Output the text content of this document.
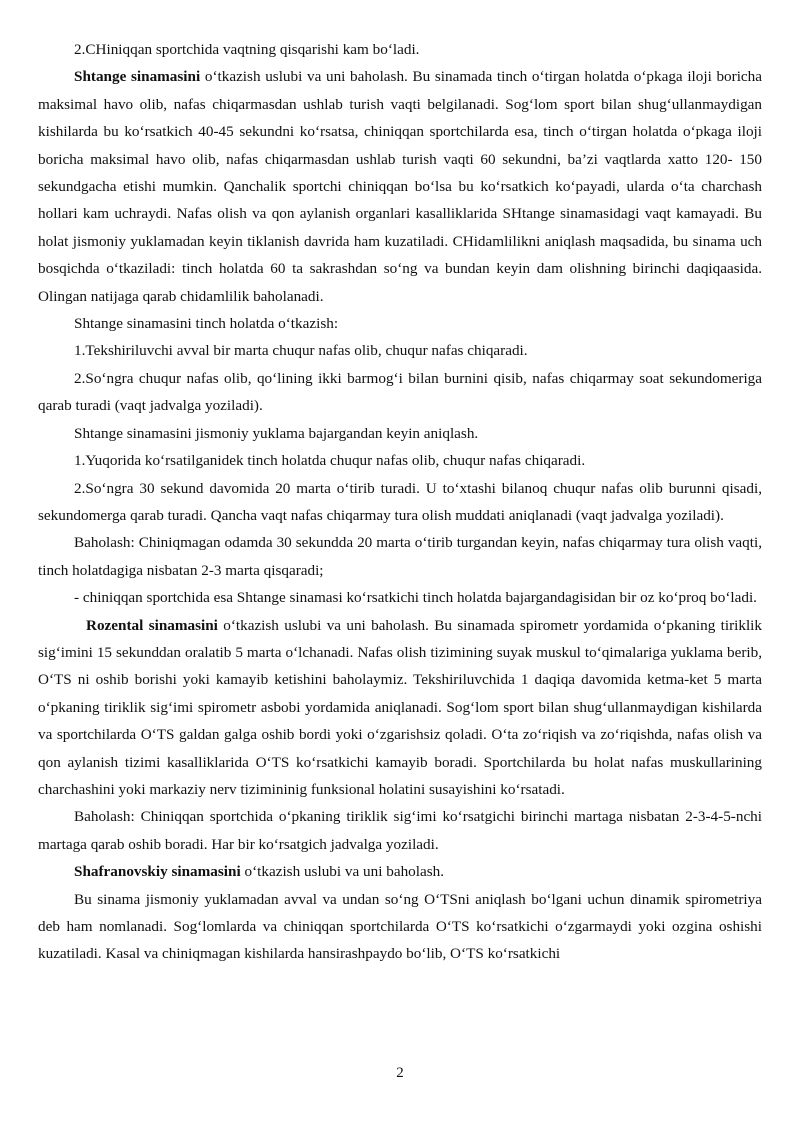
2.CHiniqqan sportchida vaqtning qisqarishi kam bo‘ladi.

Shtange sinamasini o‘tkazish uslubi va uni baholash. Bu sinamada tinch o‘tirgan holatda o‘pkaga iloji boricha maksimal havo olib, nafas chiqarmasdan ushlab turish vaqti belgilanadi. Sog‘lom sport bilan shug‘ullanmaydigan kishilarda bu ko‘rsatkich 40-45 sekundni ko‘rsatsa, chiniqqan sportchilarda esa, tinch o‘tirgan holatda o‘pkaga iloji boricha maksimal havo olib, nafas chiqarmasdan ushlab turish vaqti 60 sekundni, ba’zi vaqtlarda xatto 120- 150 sekundgacha etishi mumkin. Qanchalik sportchi chiniqqan bo‘lsa bu ko‘rsatkich ko‘payadi, ularda o‘ta charchash hollari kam uchraydi. Nafas olish va qon aylanish organlari kasalliklarida SHtange sinamasidagi vaqt kamayadi. Bu holat jismoniy yuklamadan keyin tiklanish davrida ham kuzatiladi. CHidamlilikni aniqlash maqsadida, bu sinama uch bosqichda o‘tkaziladi: tinch holatda 60 ta sakrashdan so‘ng va bundan keyin dam olishning birinchi daqiqaasida. Olingan natijaga qarab chidamlilik baholanadi.

Shtange sinamasini tinch holatda o‘tkazish:

1.Tekshiriluvchi avval bir marta chuqur nafas olib, chuqur nafas chiqaradi.

2.So‘ngra chuqur nafas olib, qo‘lining ikki barmog‘i bilan burnini qisib, nafas chiqarmay soat sekundomeriga qarab turadi (vaqt jadvalga yoziladi).

Shtange sinamasini jismoniy yuklama bajargandan keyin aniqlash.

1.Yuqorida ko‘rsatilganidek tinch holatda chuqur nafas olib, chuqur nafas chiqaradi.

2.So‘ngra 30 sekund davomida 20 marta o‘tirib turadi. U to‘xtashi bilanoq chuqur nafas olib burunni qisadi, sekundomerga qarab turadi. Qancha vaqt nafas chiqarmay tura olish muddati aniqlanadi (vaqt jadvalga yoziladi).

Baholash: Chiniqmagan odamda 30 sekundda 20 marta o‘tirib turgandan keyin, nafas chiqarmay tura olish vaqti, tinch holatdagiga nisbatan 2-3 marta qisqaradi;

- chiniqqan sportchida esa Shtange sinamasi ko‘rsatkichi tinch holatda bajargandagisidan bir oz ko‘proq bo‘ladi.

Rozental sinamasini o‘tkazish uslubi va uni baholash. Bu sinamada spirometr yordamida o‘pkaning tiriklik sig‘imini 15 sekunddan oralatib 5 marta o‘lchanadi. Nafas olish tizimining suyak muskul to‘qimalariga yuklama berib, O‘TS ni oshib borishi yoki kamayib ketishini baholaymiz. Tekshiriluvchida 1 daqiqa davomida ketma-ket 5 marta o‘pkaning tiriklik sig‘imi spirometr asbobi yordamida aniqlanadi. Sog‘lom sport bilan shug‘ullanmaydigan kishilarda va sportchilarda O‘TS galdan galga oshib bordi yoki o‘zgarishsiz qoladi. O‘ta zo‘riqish va zo‘riqishda, nafas olish va qon aylanish tizimi kasalliklarida O‘TS ko‘rsatkichi kamayib boradi. Sportchilarda bu holat nafas muskullarining charchashini yoki markaziy nerv tizimininig funksional holatini susayishini ko‘rsatadi.

Baholash: Chiniqqan sportchida o‘pkaning tiriklik sig‘imi ko‘rsatgichi birinchi martaga nisbatan 2-3-4-5-nchi martaga qarab oshib boradi. Har bir ko‘rsatgich jadvalga yoziladi.

Shafranovskiy sinamasini o‘tkazish uslubi va uni baholash.

Bu sinama jismoniy yuklamadan avval va undan so‘ng O‘TSni aniqlash bo‘lgani uchun dinamik spirometriya deb ham nomlanadi. Sog‘lomlarda va chiniqqan sportchilarda O‘TS ko‘rsatkichi o‘zgarmaydi yoki ozgina oshishi kuzatiladi. Kasal va chiniqmagan kishilarda hansirashpaydo bo‘lib, O‘TS ko‘rsatkichi

2
